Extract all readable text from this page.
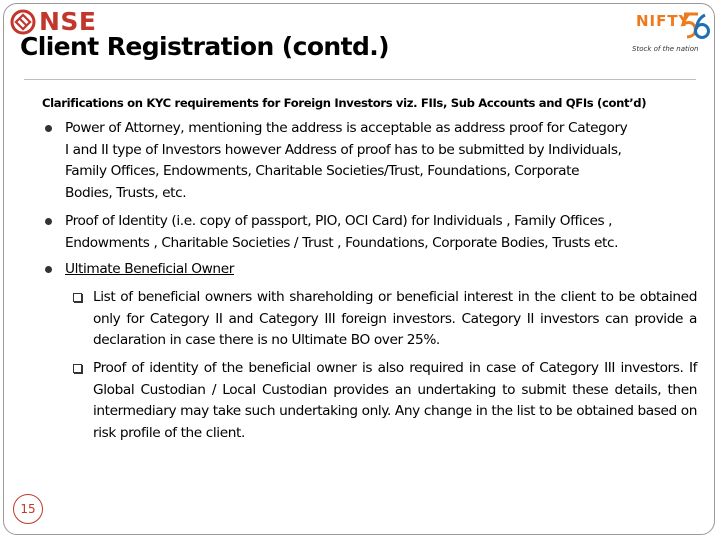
NSE
Client Registration (contd.)
NIFTY
Stock of the nation
Clarifications on KYC requirements for Foreign Investors viz. FIIs, Sub Accounts and QFIs (cont’d)
Power of Attorney, mentioning the address is acceptable as address proof for Category
I and II type of Investors however Address of proof has to be submitted by Individuals,
Family Offices, Endowments, Charitable Societies/Trust, Foundations, Corporate
Bodies, Trusts, etc.
Proof of Identity (i.e. copy of passport, PIO, OCI Card) for Individuals , Family Offices ,
Endowments , Charitable Societies / Trust , Foundations, Corporate Bodies, Trusts etc.
Ultimate Beneficial Owner
List of beneficial owners with shareholding or beneficial interest in the client to be obtained only for Category II and Category III foreign investors. Category II investors can provide a declaration in case there is no Ultimate BO over 25%.
Proof of identity of the beneficial owner is also required in case of Category III investors. If Global Custodian / Local Custodian provides an undertaking to submit these details, then intermediary may take such undertaking only. Any change in the list to be obtained based on risk profile of the client.
15
